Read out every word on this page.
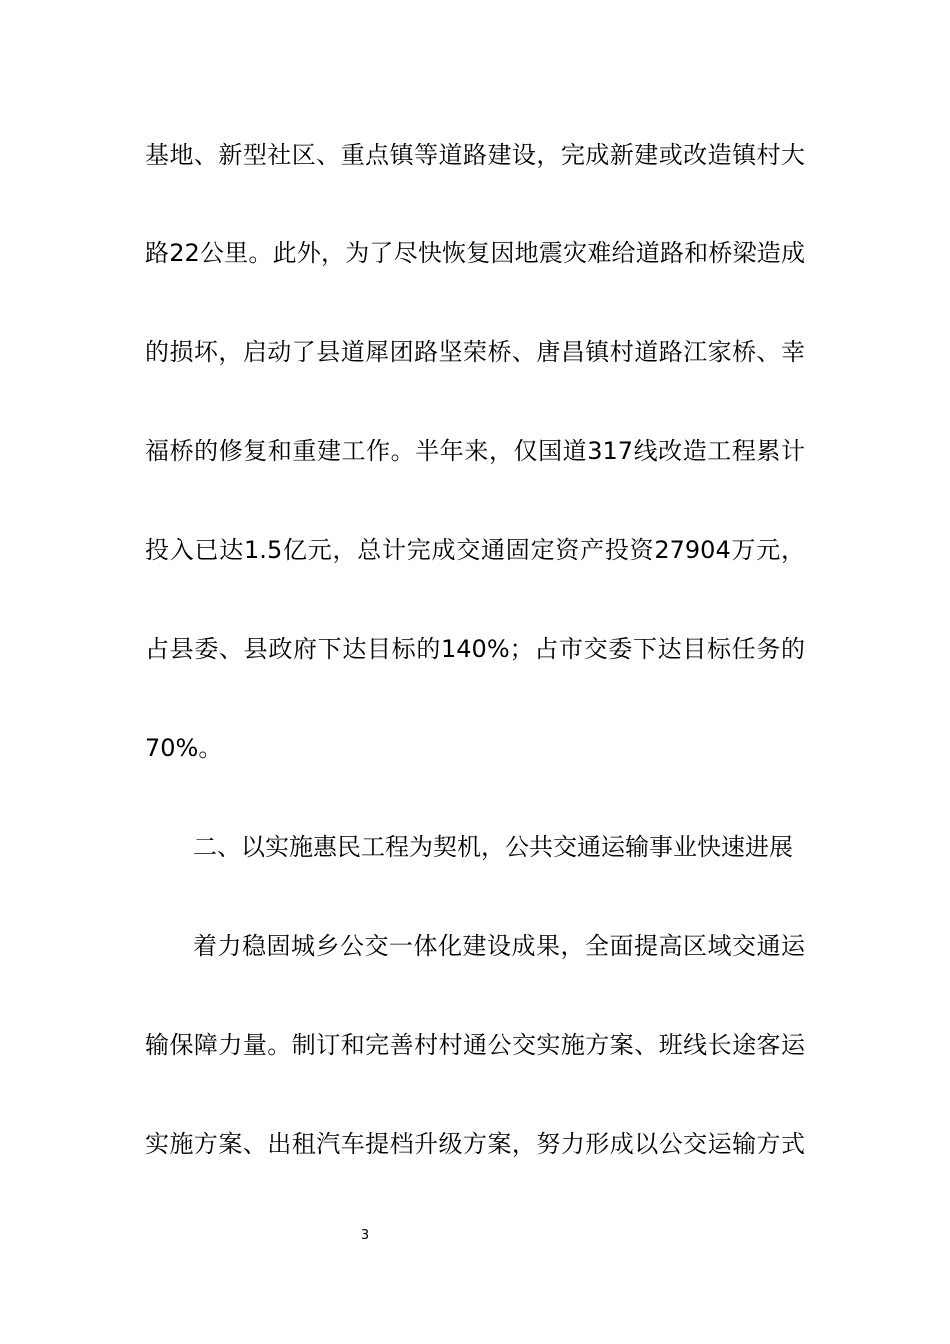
基地、新型社区、重点镇等道路建设，完成新建或改造镇村大
路22公里。此外，为了尽快恢复因地震灾难给道路和桥梁造成
的损坏，启动了县道犀团路坚荣桥、唐昌镇村道路江家桥、幸
福桥的修复和重建工作。半年来，仅国道317线改造工程累计
投入已达1.5亿元，总计完成交通固定资产投资27904万元，
占县委、县政府下达目标的140%；占市交委下达目标任务的
70%。
二、以实施惠民工程为契机，公共交通运输事业快速进展
着力稳固城乡公交一体化建设成果，全面提高区域交通运
输保障力量。制订和完善村村通公交实施方案、班线长途客运
实施方案、出租汽车提档升级方案，努力形成以公交运输方式
3
